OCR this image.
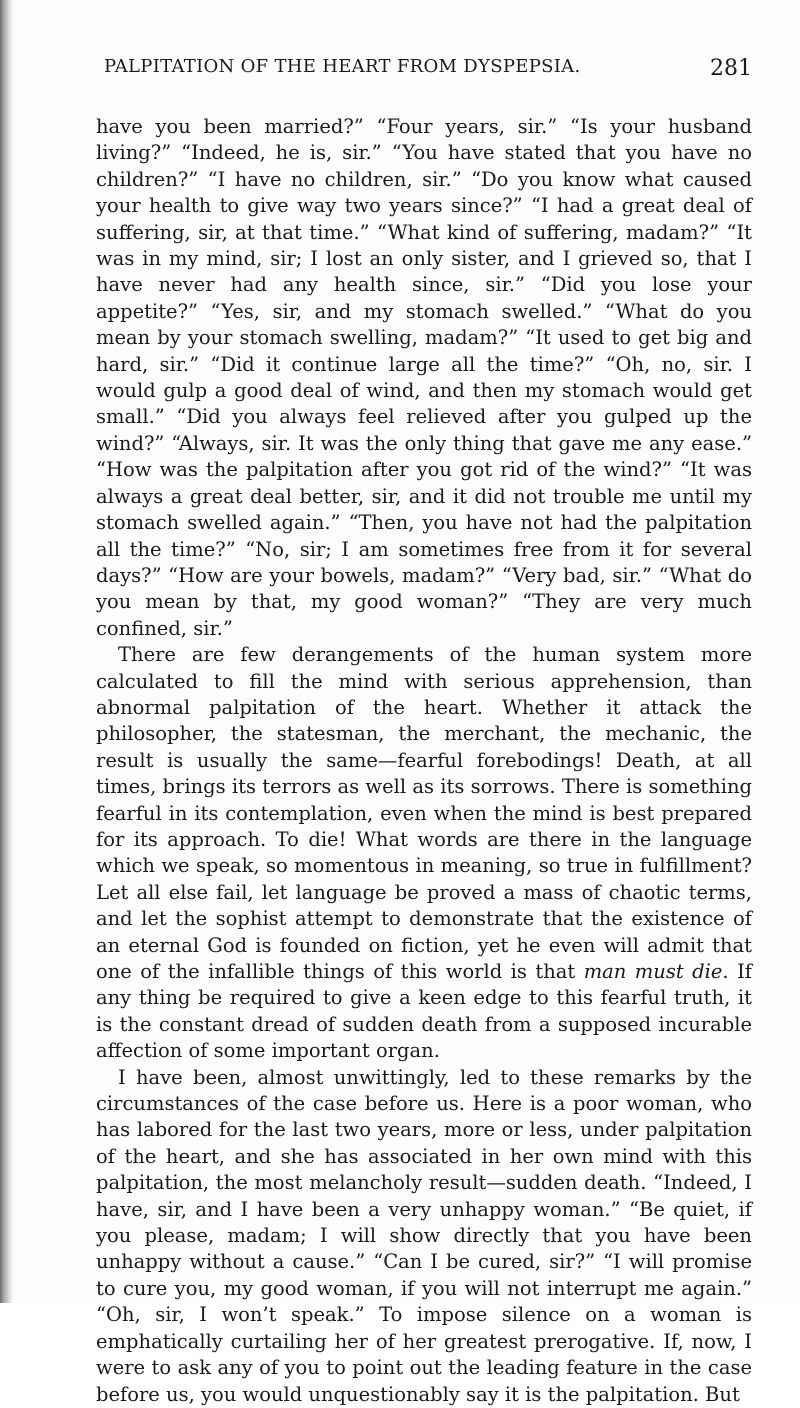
PALPITATION OF THE HEART FROM DYSPEPSIA.	281

have you been married?” “Four years, sir.” “Is your husband living?” “Indeed, he is, sir.” “You have stated that you have no children?” “I have no children, sir.” “Do you know what caused your health to give way two years since?” “I had a great deal of suffering, sir, at that time.” “What kind of suffering, madam?” “It was in my mind, sir; I lost an only sister, and I grieved so, that I have never had any health since, sir.” “Did you lose your appetite?” “Yes, sir, and my stomach swelled.” “What do you mean by your stomach swelling, madam?” “It used to get big and hard, sir.” “Did it continue large all the time?” “Oh, no, sir. I would gulp a good deal of wind, and then my stomach would get small.” “Did you always feel relieved after you gulped up the wind?” “Always, sir. It was the only thing that gave me any ease.” “How was the palpitation after you got rid of the wind?” “It was always a great deal better, sir, and it did not trouble me until my stomach swelled again.” “Then, you have not had the palpitation all the time?” “No, sir; I am sometimes free from it for several days?” “How are your bowels, madam?” “Very bad, sir.” “What do you mean by that, my good woman?” “They are very much confined, sir.”

There are few derangements of the human system more calculated to fill the mind with serious apprehension, than abnormal palpitation of the heart. Whether it attack the philosopher, the statesman, the merchant, the mechanic, the result is usually the same—fearful forebodings! Death, at all times, brings its terrors as well as its sorrows. There is something fearful in its contemplation, even when the mind is best prepared for its approach. To die! What words are there in the language which we speak, so momentous in meaning, so true in fulfillment? Let all else fail, let language be proved a mass of chaotic terms, and let the sophist attempt to demonstrate that the existence of an eternal God is founded on fiction, yet he even will admit that one of the infallible things of this world is that man must die. If any thing be required to give a keen edge to this fearful truth, it is the constant dread of sudden death from a supposed incurable affection of some important organ.

I have been, almost unwittingly, led to these remarks by the circumstances of the case before us. Here is a poor woman, who has labored for the last two years, more or less, under palpitation of the heart, and she has associated in her own mind with this palpitation, the most melancholy result—sudden death. “Indeed, I have, sir, and I have been a very unhappy woman.” “Be quiet, if you please, madam; I will show directly that you have been unhappy without a cause.” “Can I be cured, sir?” “I will promise to cure you, my good woman, if you will not interrupt me again.” “Oh, sir, I won’t speak.” To impose silence on a woman is emphatically curtailing her of her greatest prerogative. If, now, I were to ask any of you to point out the leading feature in the case before us, you would unquestionably say it is the palpitation. But
